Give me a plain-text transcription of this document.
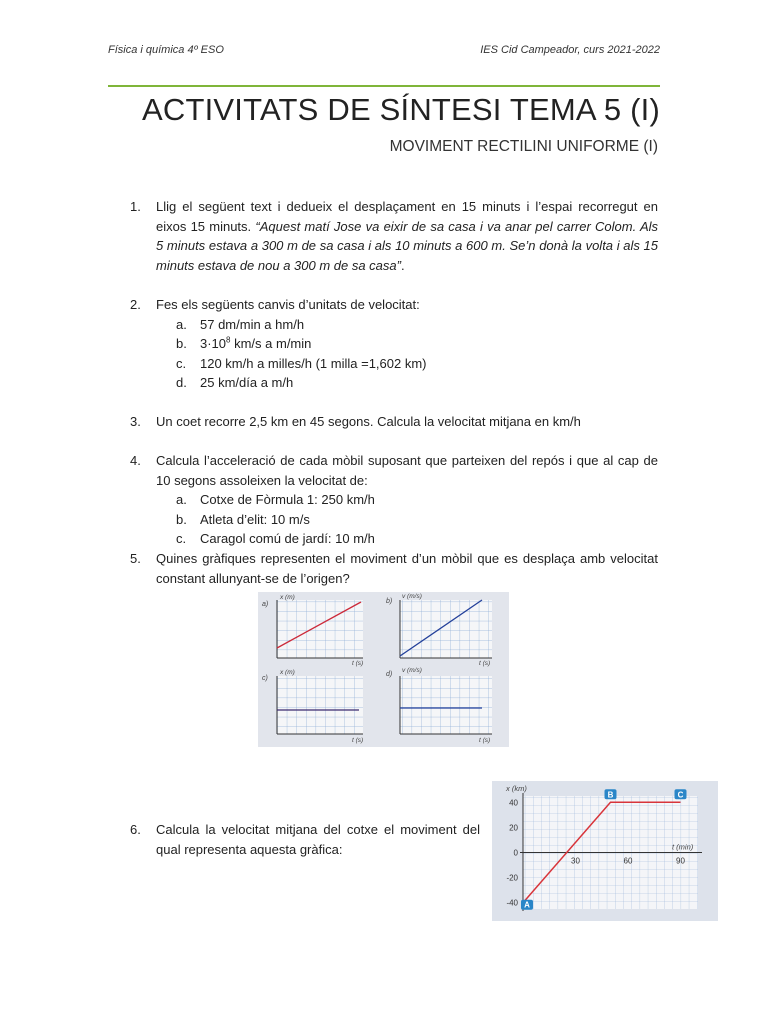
Física i química 4º ESO	IES Cid Campeador, curs 2021-2022
ACTIVITATS DE SÍNTESI TEMA 5 (I)
MOVIMENT RECTILINI UNIFORME (I)
1. Llig el següent text i dedueix el desplaçament en 15 minuts i l’espai recorregut en eixos 15 minuts. “Aquest matí Jose va eixir de sa casa i va anar pel carrer Colom. Als 5 minuts estava a 300 m de sa casa i als 10 minuts a 600 m. Se’n donà la volta i als 15 minuts estava de nou a 300 m de sa casa”.
2. Fes els següents canvis d’unitats de velocitat:
a. 57 dm/min a hm/h
b. $3\cdot 10^8$ km/s a m/min
c. 120 km/h a milles/h (1 milla =1,602 km)
d. 25 km/día a m/h
3. Un coet recorre 2,5 km en 45 segons. Calcula la velocitat mitjana en km/h
4. Calcula l’acceleració de cada mòbil suposant que parteixen del repós i que al cap de 10 segons assoleixen la velocitat de:
a. Cotxe de Fòrmula 1: 250 km/h
b. Atleta d’elit: 10 m/s
c. Caragol comú de jardí: 10 m/h
5. Quines gràfiques representen el moviment d’un mòbil que es desplaça amb velocitat constant allunyant-se de l’origen?
a)
x (m)
t (s)
b)
v (m/s)
t (s)
c)
x (m)
t (s)
d)
v (m/s)
t (s)
6. Calcula la velocitat mitjana del cotxe el moviment del qual representa aquesta gràfica:
x (km)
t (min)
40
20
0
-20
-40
30	60	90
A
B	C
